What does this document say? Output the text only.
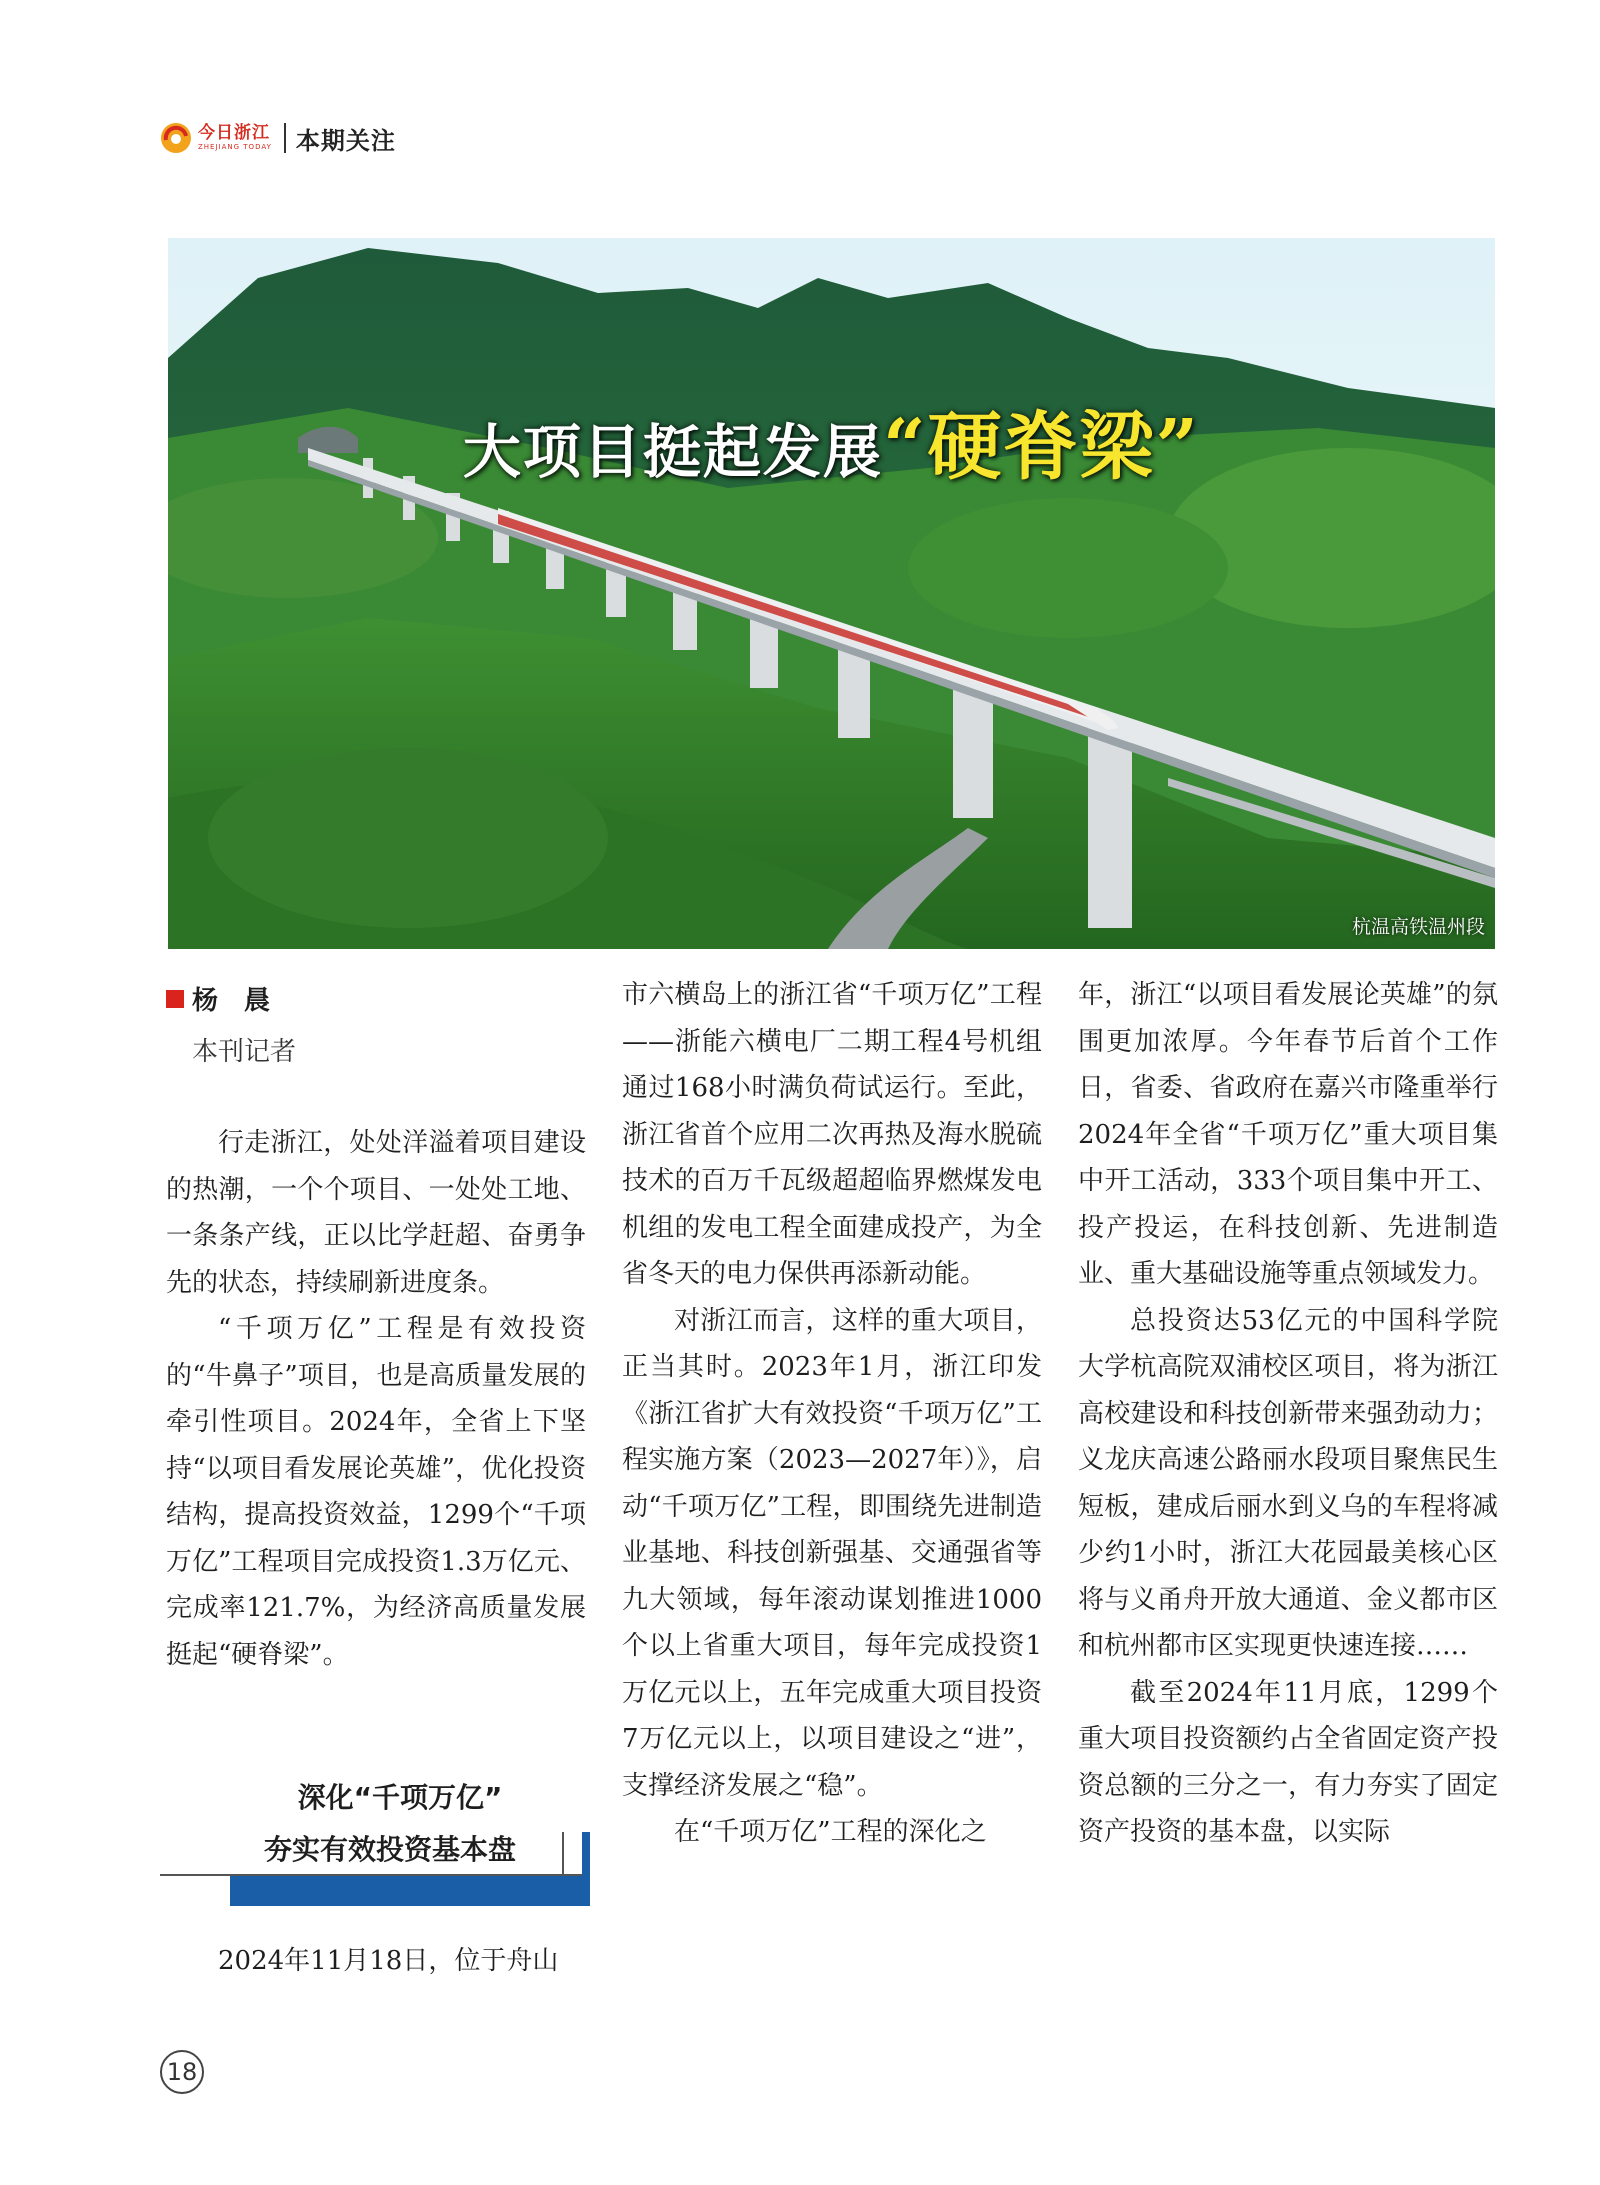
今日浙江
ZHEJIANG TODAY 本期关注
大项目挺起发展“硬脊梁”
杭温高铁温州段
杨　晨
本刊记者

行走浙江，处处洋溢着项目建设的热潮，一个个项目、一处处工地、一条条产线，正以比学赶超、奋勇争先的状态，持续刷新进度条。

“千项万亿”工程是有效投资的“牛鼻子”项目，也是高质量发展的牵引性项目。2024年，全省上下坚持“以项目看发展论英雄”，优化投资结构，提高投资效益，1299个“千项万亿”工程项目完成投资1.3万亿元、完成率121.7%，为经济高质量发展挺起“硬脊梁”。

深化“千项万亿”
夯实有效投资基本盘

2024年11月18日，位于舟山

市六横岛上的浙江省“千项万亿”工程——浙能六横电厂二期工程4号机组通过168小时满负荷试运行。至此，浙江省首个应用二次再热及海水脱硫技术的百万千瓦级超超临界燃煤发电机组的发电工程全面建成投产，为全省冬天的电力保供再添新动能。

对浙江而言，这样的重大项目，正当其时。2023年1月，浙江印发《浙江省扩大有效投资“千项万亿”工程实施方案（2023—2027年）》，启动“千项万亿”工程，即围绕先进制造业基地、科技创新强基、交通强省等九大领域，每年滚动谋划推进1000个以上省重大项目，每年完成投资1万亿元以上，五年完成重大项目投资7万亿元以上，以项目建设之“进”，支撑经济发展之“稳”。

在“千项万亿”工程的深化之

年，浙江“以项目看发展论英雄”的氛围更加浓厚。今年春节后首个工作日，省委、省政府在嘉兴市隆重举行2024年全省“千项万亿”重大项目集中开工活动，333个项目集中开工、投产投运，在科技创新、先进制造业、重大基础设施等重点领域发力。

总投资达53亿元的中国科学院大学杭高院双浦校区项目，将为浙江高校建设和科技创新带来强劲动力；义龙庆高速公路丽水段项目聚焦民生短板，建成后丽水到义乌的车程将减少约1小时，浙江大花园最美核心区将与义甬舟开放大通道、金义都市区和杭州都市区实现更快速连接……

截至2024年11月底，1299个重大项目投资额约占全省固定资产投资总额的三分之一，有力夯实了固定资产投资的基本盘，以实际

18
